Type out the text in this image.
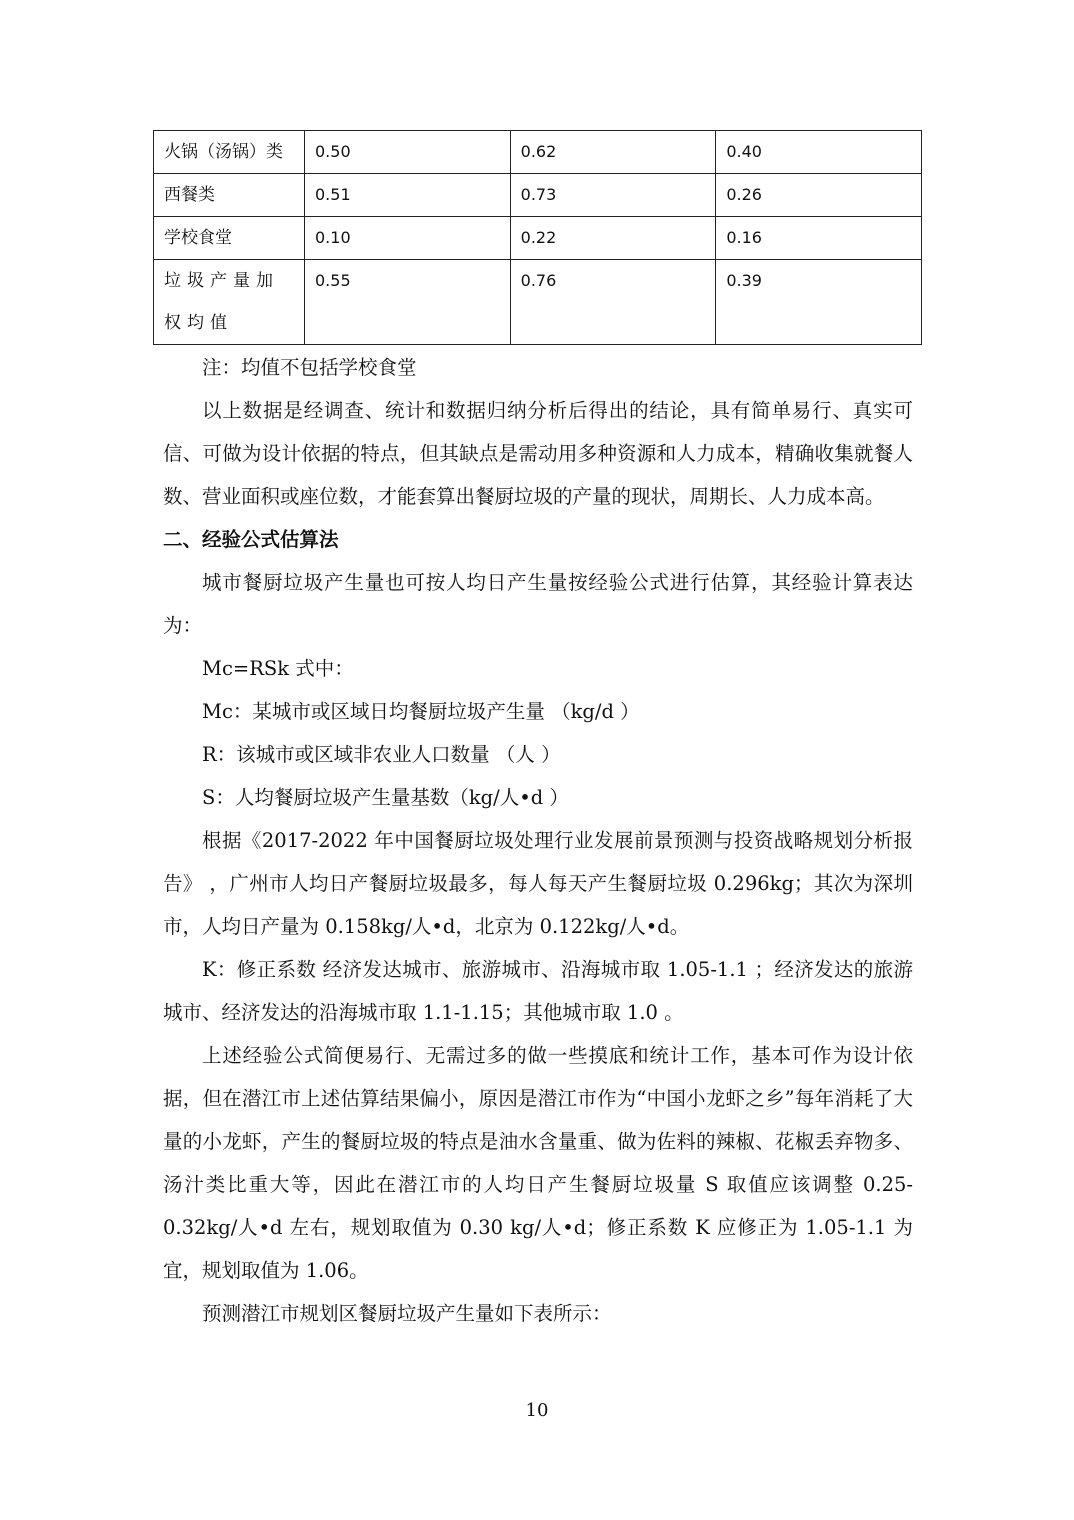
火锅（汤锅）类	0.50	0.62	0.40
西餐类	0.51	0.73	0.26
学校食堂	0.10	0.22	0.16
垃圾产量加权均值	0.55	0.76	0.39

注：均值不包括学校食堂

以上数据是经调查、统计和数据归纳分析后得出的结论，具有简单易行、真实可信、可做为设计依据的特点，但其缺点是需动用多种资源和人力成本，精确收集就餐人数、营业面积或座位数，才能套算出餐厨垃圾的产量的现状，周期长、人力成本高。

二、经验公式估算法

城市餐厨垃圾产生量也可按人均日产生量按经验公式进行估算，其经验计算表达为：

Mc=RSk 式中：

Mc：某城市或区域日均餐厨垃圾产生量 （kg/d ）

R：该城市或区域非农业人口数量 （人 ）

S：人均餐厨垃圾产生量基数（kg/人•d ）

根据《2017-2022 年中国餐厨垃圾处理行业发展前景预测与投资战略规划分析报告》 ，广州市人均日产餐厨垃圾最多，每人每天产生餐厨垃圾 0.296kg；其次为深圳市，人均日产量为 0.158kg/人•d，北京为 0.122kg/人•d。

K：修正系数 经济发达城市、旅游城市、沿海城市取 1.05-1.1 ；经济发达的旅游城市、经济发达的沿海城市取 1.1-1.15；其他城市取 1.0 。

上述经验公式简便易行、无需过多的做一些摸底和统计工作，基本可作为设计依据，但在潜江市上述估算结果偏小，原因是潜江市作为“中国小龙虾之乡”每年消耗了大量的小龙虾，产生的餐厨垃圾的特点是油水含量重、做为佐料的辣椒、花椒丢弃物多、汤汁类比重大等，因此在潜江市的人均日产生餐厨垃圾量 S 取值应该调整 0.25-0.32kg/人•d 左右，规划取值为 0.30 kg/人•d；修正系数 K 应修正为 1.05-1.1 为宜，规划取值为 1.06。

预测潜江市规划区餐厨垃圾产生量如下表所示：

10
